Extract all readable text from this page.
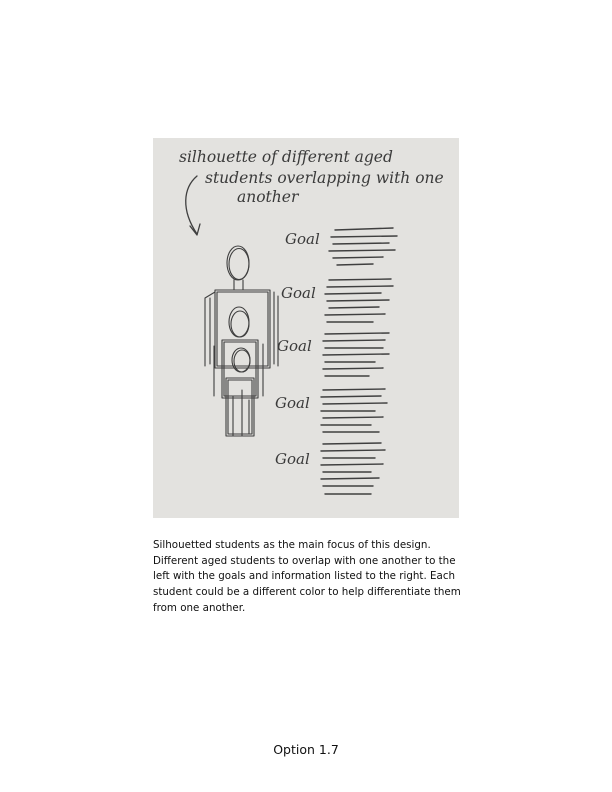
silhouette of different aged
students overlapping with one
another
Goal
Goal
Goal
Goal
Goal

Silhouetted students as the main focus of this design.
Different aged students to overlap with one another to the
left with the goals and information listed to the right. Each
student could be a different color to help differentiate them
from one another.

Option 1.7
